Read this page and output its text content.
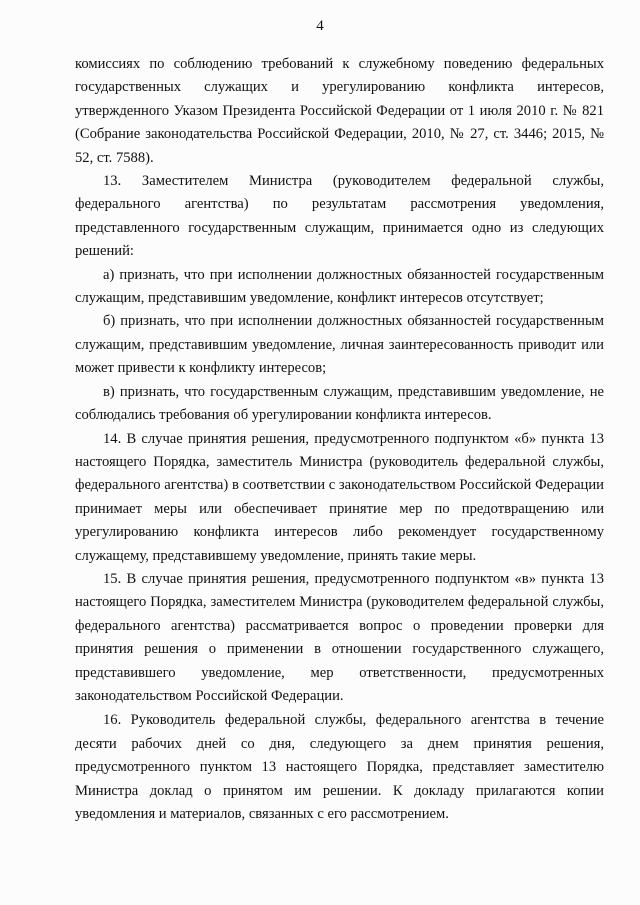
4

комиссиях по соблюдению требований к служебному поведению федеральных государственных служащих и урегулированию конфликта интересов, утвержденного Указом Президента Российской Федерации от 1 июля 2010 г. № 821 (Собрание законодательства Российской Федерации, 2010, № 27, ст. 3446; 2015, № 52, ст. 7588).

13. Заместителем Министра (руководителем федеральной службы, федерального агентства) по результатам рассмотрения уведомления, представленного государственным служащим, принимается одно из следующих решений:

а) признать, что при исполнении должностных обязанностей государственным служащим, представившим уведомление, конфликт интересов отсутствует;

б) признать, что при исполнении должностных обязанностей государственным служащим, представившим уведомление, личная заинтересованность приводит или может привести к конфликту интересов;

в) признать, что государственным служащим, представившим уведомление, не соблюдались требования об урегулировании конфликта интересов.

14. В случае принятия решения, предусмотренного подпунктом «б» пункта 13 настоящего Порядка, заместитель Министра (руководитель федеральной службы, федерального агентства) в соответствии с законодательством Российской Федерации принимает меры или обеспечивает принятие мер по предотвращению или урегулированию конфликта интересов либо рекомендует государственному служащему, представившему уведомление, принять такие меры.

15. В случае принятия решения, предусмотренного подпунктом «в» пункта 13 настоящего Порядка, заместителем Министра (руководителем федеральной службы, федерального агентства) рассматривается вопрос о проведении проверки для принятия решения о применении в отношении государственного служащего, представившего уведомление, мер ответственности, предусмотренных законодательством Российской Федерации.

16. Руководитель федеральной службы, федерального агентства в течение десяти рабочих дней со дня, следующего за днем принятия решения, предусмотренного пунктом 13 настоящего Порядка, представляет заместителю Министра доклад о принятом им решении. К докладу прилагаются копии уведомления и материалов, связанных с его рассмотрением.
